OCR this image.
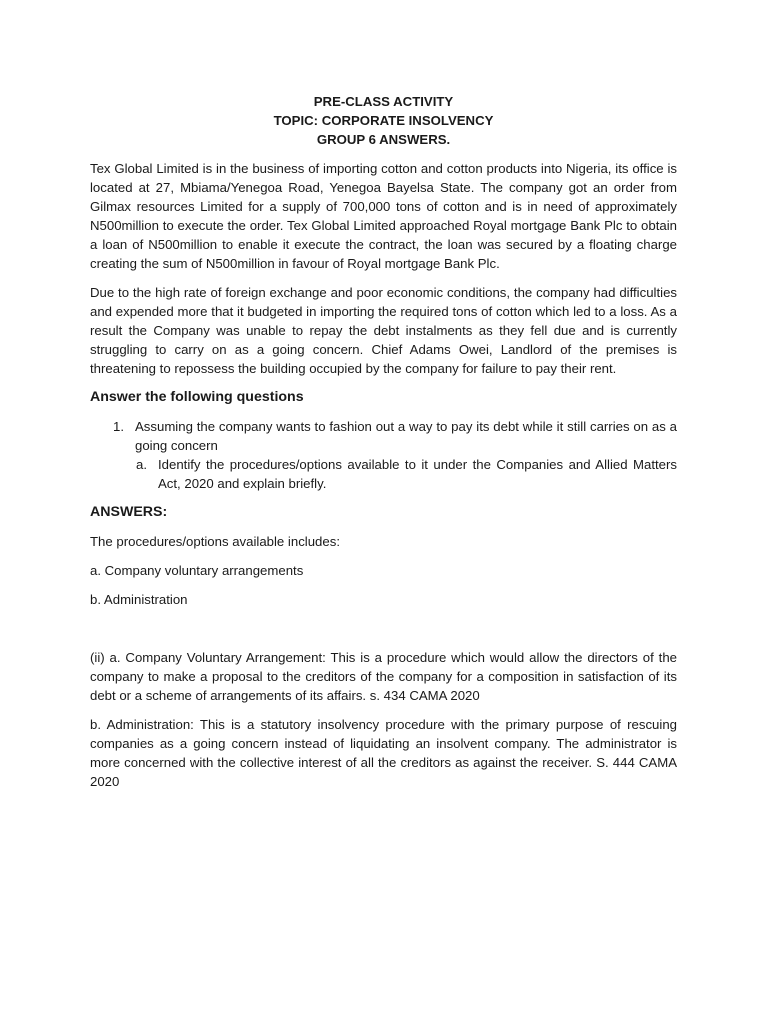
PRE-CLASS ACTIVITY
TOPIC: CORPORATE INSOLVENCY
GROUP 6 ANSWERS.

Tex Global Limited is in the business of importing cotton and cotton products into Nigeria, its office is located at 27, Mbiama/Yenegoa Road, Yenegoa Bayelsa State. The company got an order from Gilmax resources Limited for a supply of 700,000 tons of cotton and is in need of approximately N500million to execute the order. Tex Global Limited approached Royal mortgage Bank Plc to obtain a loan of N500million to enable it execute the contract, the loan was secured by a floating charge creating the sum of N500million in favour of Royal mortgage Bank Plc.

Due to the high rate of foreign exchange and poor economic conditions, the company had difficulties and expended more that it budgeted in importing the required tons of cotton which led to a loss. As a result the Company was unable to repay the debt instalments as they fell due and is currently struggling to carry on as a going concern. Chief Adams Owei, Landlord of the premises is threatening to repossess the building occupied by the company for failure to pay their rent.

Answer the following questions
1. Assuming the company wants to fashion out a way to pay its debt while it still carries on as a going concern
a. Identify the procedures/options available to it under the Companies and Allied Matters Act, 2020 and explain briefly.
ANSWERS:
The procedures/options available includes:
a. Company voluntary arrangements
b. Administration

(ii) a. Company Voluntary Arrangement: This is a procedure which would allow the directors of the company to make a proposal to the creditors of the company for a composition in satisfaction of its debt or a scheme of arrangements of its affairs. s. 434 CAMA 2020

b. Administration: This is a statutory insolvency procedure with the primary purpose of rescuing companies as a going concern instead of liquidating an insolvent company. The administrator is more concerned with the collective interest of all the creditors as against the receiver. S. 444 CAMA 2020
